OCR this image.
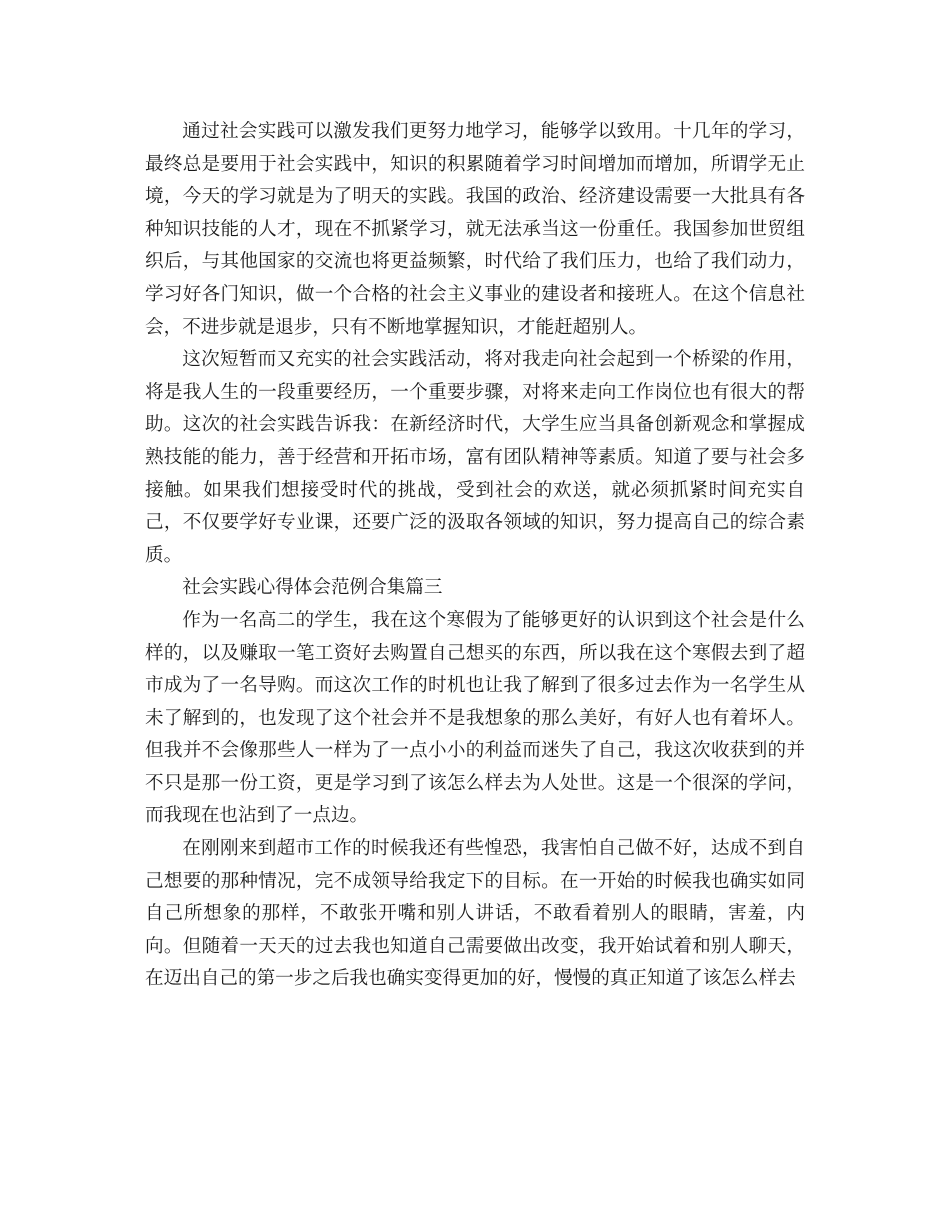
通过社会实践可以激发我们更努力地学习，能够学以致用。十几年的学习，最终总是要用于社会实践中，知识的积累随着学习时间增加而增加，所谓学无止境，今天的学习就是为了明天的实践。我国的政治、经济建设需要一大批具有各种知识技能的人才，现在不抓紧学习，就无法承当这一份重任。我国参加世贸组织后，与其他国家的交流也将更益频繁，时代给了我们压力，也给了我们动力，学习好各门知识，做一个合格的社会主义事业的建设者和接班人。在这个信息社会，不进步就是退步，只有不断地掌握知识，才能赶超别人。

这次短暂而又充实的社会实践活动，将对我走向社会起到一个桥梁的作用，将是我人生的一段重要经历，一个重要步骤，对将来走向工作岗位也有很大的帮助。这次的社会实践告诉我：在新经济时代，大学生应当具备创新观念和掌握成熟技能的能力，善于经营和开拓市场，富有团队精神等素质。知道了要与社会多接触。如果我们想接受时代的挑战，受到社会的欢送，就必须抓紧时间充实自己，不仅要学好专业课，还要广泛的汲取各领域的知识，努力提高自己的综合素质。

社会实践心得体会范例合集篇三

作为一名高二的学生，我在这个寒假为了能够更好的认识到这个社会是什么样的，以及赚取一笔工资好去购置自己想买的东西，所以我在这个寒假去到了超市成为了一名导购。而这次工作的时机也让我了解到了很多过去作为一名学生从未了解到的，也发现了这个社会并不是我想象的那么美好，有好人也有着坏人。但我并不会像那些人一样为了一点小小的利益而迷失了自己，我这次收获到的并不只是那一份工资，更是学习到了该怎么样去为人处世。这是一个很深的学问，而我现在也沾到了一点边。

在刚刚来到超市工作的时候我还有些惶恐，我害怕自己做不好，达成不到自己想要的那种情况，完不成领导给我定下的目标。在一开始的时候我也确实如同自己所想象的那样，不敢张开嘴和别人讲话，不敢看着别人的眼睛，害羞，内向。但随着一天天的过去我也知道自己需要做出改变，我开始试着和别人聊天，在迈出自己的第一步之后我也确实变得更加的好，慢慢的真正知道了该怎么样去
